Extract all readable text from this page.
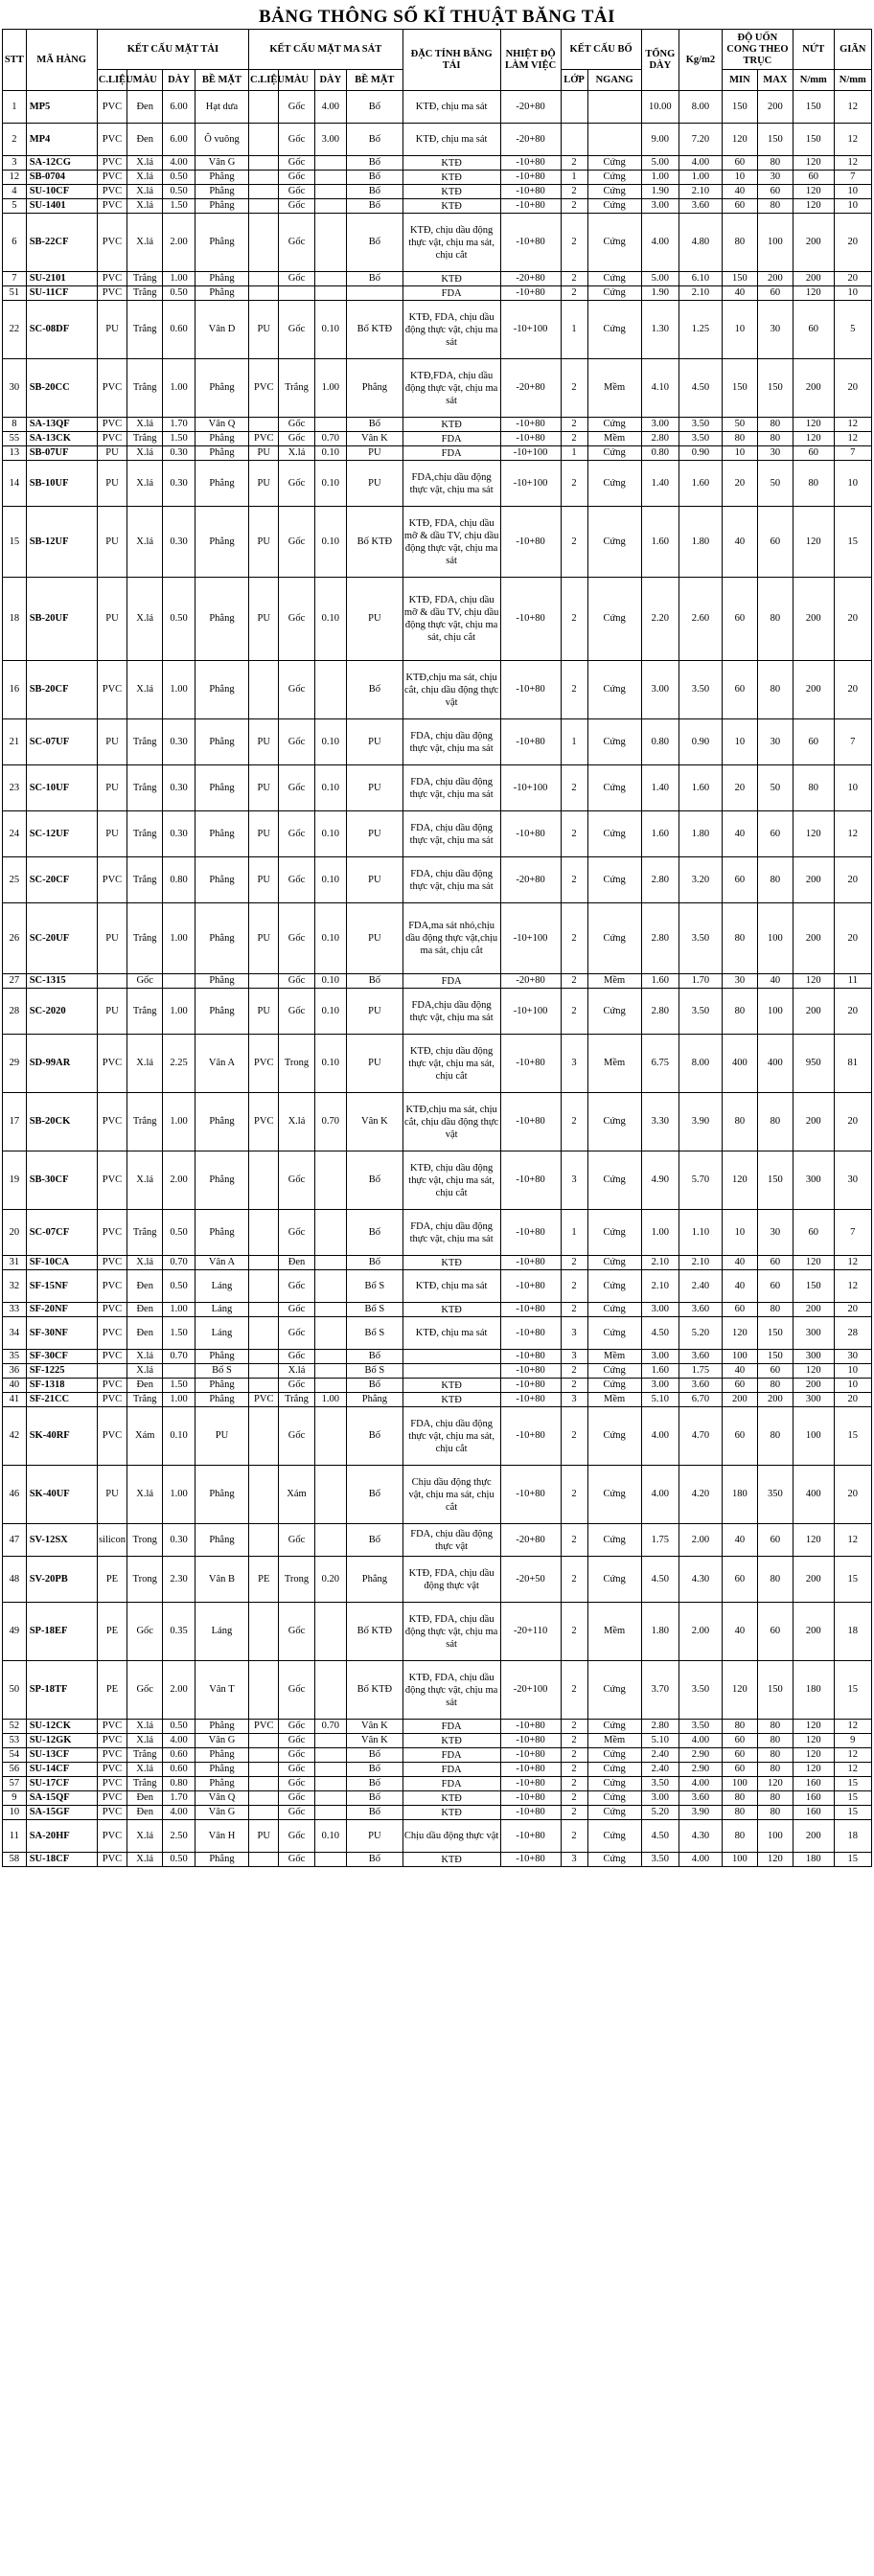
BẢNG THÔNG SỐ KĨ THUẬT BĂNG TẢI
STT	MÃ HÀNG	KẾT CẤU MẶT TẢI				KẾT CẤU MẶT MA SÁT				ĐẶC TÍNH BĂNG TẢI	NHIỆT ĐỘ LÀM VIỆC	KẾT CẤU BỐ		TỔNG DÀY	Kg/m2	ĐỘ UỐN CONG THEO TRỤC		NỨT	GIÃN
		C.LIỆU	MÀU	DÀY	BỀ MẶT	C.LIỆU	MÀU	DÀY	BỀ MẶT			LỚP	NGANG			MIN	MAX	N/mm	N/mm
1	MP5	PVC	Đen	6.00	Hạt dưa		Gốc	4.00	Bố	KTĐ, chịu ma sát	-20+80			10.00	8.00	150	200	150	12
2	MP4	PVC	Đen	6.00	Ô vuông		Gốc	3.00	Bố	KTĐ, chịu ma sát	-20+80			9.00	7.20	120	150	150	12
3	SA-12CG	PVC	X.lá	4.00	Vân G		Gốc		Bố	KTĐ	-10+80	2	Cứng	5.00	4.00	60	80	120	12
12	SB-0704	PVC	X.lá	0.50	Phẳng		Gốc		Bố	KTĐ	-10+80	1	Cứng	1.00	1.00	10	30	60	7
4	SU-10CF	PVC	X.lá	0.50	Phẳng		Gốc		Bố	KTĐ	-10+80	2	Cứng	1.90	2.10	40	60	120	10
5	SU-1401	PVC	X.lá	1.50	Phẳng		Gốc		Bố	KTĐ	-10+80	2	Cứng	3.00	3.60	60	80	120	10
6	SB-22CF	PVC	X.lá	2.00	Phẳng		Gốc		Bố	KTĐ, chịu dầu động thực vật, chịu ma sát, chịu cắt	-10+80	2	Cứng	4.00	4.80	80	100	200	20
7	SU-2101	PVC	Trắng	1.00	Phẳng		Gốc		Bố	KTĐ	-20+80	2	Cứng	5.00	6.10	150	200	200	20
51	SU-11CF	PVC	Trắng	0.50	Phẳng					FDA	-10+80	2	Cứng	1.90	2.10	40	60	120	10
22	SC-08DF	PU	Trắng	0.60	Vân D	PU	Gốc	0.10	Bố KTĐ	KTĐ, FDA, chịu dầu động thực vật, chịu ma sát	-10+100	1	Cứng	1.30	1.25	10	30	60	5
30	SB-20CC	PVC	Trắng	1.00	Phẳng	PVC	Trắng	1.00	Phẳng	KTĐ,FDA, chịu dầu động thực vật, chịu ma sát	-20+80	2	Mềm	4.10	4.50	150	150	200	20
8	SA-13QF	PVC	X.lá	1.70	Vân Q		Gốc		Bố	KTĐ	-10+80	2	Cứng	3.00	3.50	50	80	120	12
55	SA-13CK	PVC	Trắng	1.50	Phẳng	PVC	Gốc	0.70	Vân K	FDA	-10+80	2	Mềm	2.80	3.50	80	80	120	12
13	SB-07UF	PU	X.lá	0.30	Phẳng	PU	X.lá	0.10	PU	FDA	-10+100	1	Cứng	0.80	0.90	10	30	60	7
14	SB-10UF	PU	X.lá	0.30	Phẳng	PU	Gốc	0.10	PU	FDA,chịu dầu động thực vật, chịu ma sát	-10+100	2	Cứng	1.40	1.60	20	50	80	10
15	SB-12UF	PU	X.lá	0.30	Phẳng	PU	Gốc	0.10	Bố KTĐ	KTĐ, FDA, chịu dầu mỡ & dầu TV, chịu dầu động thực vật, chịu ma sát	-10+80	2	Cứng	1.60	1.80	40	60	120	15
18	SB-20UF	PU	X.lá	0.50	Phẳng	PU	Gốc	0.10	PU	KTĐ, FDA, chịu dầu mỡ & dầu TV, chịu dầu động thực vật, chịu ma sát, chịu cắt	-10+80	2	Cứng	2.20	2.60	60	80	200	20
16	SB-20CF	PVC	X.lá	1.00	Phẳng		Gốc		Bố	KTĐ,chịu ma sát, chịu cắt, chịu dầu động thực vật	-10+80	2	Cứng	3.00	3.50	60	80	200	20
21	SC-07UF	PU	Trắng	0.30	Phẳng	PU	Gốc	0.10	PU	FDA, chịu dầu động thực vật, chịu ma sát	-10+80	1	Cứng	0.80	0.90	10	30	60	7
23	SC-10UF	PU	Trắng	0.30	Phẳng	PU	Gốc	0.10	PU	FDA, chịu dầu động thực vật, chịu ma sát	-10+100	2	Cứng	1.40	1.60	20	50	80	10
24	SC-12UF	PU	Trắng	0.30	Phẳng	PU	Gốc	0.10	PU	FDA, chịu dầu động thực vật, chịu ma sát	-10+80	2	Cứng	1.60	1.80	40	60	120	12
25	SC-20CF	PVC	Trắng	0.80	Phẳng	PU	Gốc	0.10	PU	FDA, chịu dầu động thực vật, chịu ma sát	-20+80	2	Cứng	2.80	3.20	60	80	200	20
26	SC-20UF	PU	Trắng	1.00	Phẳng	PU	Gốc	0.10	PU	FDA,ma sát nhỏ,chịu dầu động thực vật,chịu ma sát, chịu cắt	-10+100	2	Cứng	2.80	3.50	80	100	200	20
27	SC-1315		Gốc		Phẳng		Gốc	0.10	Bố	FDA	-20+80	2	Mềm	1.60	1.70	30	40	120	11
28	SC-2020	PU	Trắng	1.00	Phẳng	PU	Gốc	0.10	PU	FDA,chịu dầu động thực vật, chịu ma sát	-10+100	2	Cứng	2.80	3.50	80	100	200	20
29	SD-99AR	PVC	X.lá	2.25	Vân A	PVC	Trong	0.10	PU	KTĐ, chịu dầu động thực vật, chịu ma sát, chịu cắt	-10+80	3	Mềm	6.75	8.00	400	400	950	81
17	SB-20CK	PVC	Trắng	1.00	Phẳng	PVC	X.lá	0.70	Vân K	KTĐ,chịu ma sát, chịu cắt, chịu dầu động thực vật	-10+80	2	Cứng	3.30	3.90	80	80	200	20
19	SB-30CF	PVC	X.lá	2.00	Phẳng		Gốc		Bố	KTĐ, chịu dầu động thực vật, chịu ma sát, chịu cắt	-10+80	3	Cứng	4.90	5.70	120	150	300	30
20	SC-07CF	PVC	Trắng	0.50	Phẳng		Gốc		Bố	FDA, chịu dầu động thực vật, chịu ma sát	-10+80	1	Cứng	1.00	1.10	10	30	60	7
31	SF-10CA	PVC	X.lá	0.70	Vân A		Đen		Bố	KTĐ	-10+80	2	Cứng	2.10	2.10	40	60	120	12
32	SF-15NF	PVC	Đen	0.50	Láng		Gốc		Bố S	KTĐ, chịu ma sát	-10+80	2	Cứng	2.10	2.40	40	60	150	12
33	SF-20NF	PVC	Đen	1.00	Láng		Gốc		Bố S	KTĐ	-10+80	2	Cứng	3.00	3.60	60	80	200	20
34	SF-30NF	PVC	Đen	1.50	Láng		Gốc		Bố S	KTĐ, chịu ma sát	-10+80	3	Cứng	4.50	5.20	120	150	300	28
35	SF-30CF	PVC	X.lá	0.70	Phẳng		Gốc		Bố		-10+80	3	Mềm	3.00	3.60	100	150	300	30
36	SF-1225		X.lá		Bố S		X.lá		Bố S		-10+80	2	Cứng	1.60	1.75	40	60	120	10
40	SF-1318	PVC	Đen	1.50	Phẳng		Gốc		Bố	KTĐ	-10+80	2	Cứng	3.00	3.60	60	80	200	10
41	SF-21CC	PVC	Trắng	1.00	Phẳng	PVC	Trắng	1.00	Phẳng	KTĐ	-10+80	3	Mềm	5.10	6.70	200	200	300	20
42	SK-40RF	PVC	Xám	0.10	PU		Gốc		Bố	FDA, chịu dầu động thực vật, chịu ma sát, chịu cắt	-10+80	2	Cứng	4.00	4.70	60	80	100	15
46	SK-40UF	PU	X.lá	1.00	Phẳng		Xám		Bố	Chịu dầu động thực vật, chịu ma sát, chịu cắt	-10+80	2	Cứng	4.00	4.20	180	350	400	20
47	SV-12SX	silicon	Trong	0.30	Phẳng		Gốc		Bố	FDA, chịu dầu động thực vật	-20+80	2	Cứng	1.75	2.00	40	60	120	12
48	SV-20PB	PE	Trong	2.30	Vân B	PE	Trong	0.20	Phẳng	KTĐ, FDA, chịu dầu động thực vật	-20+50	2	Cứng	4.50	4.30	60	80	200	15
49	SP-18EF	PE	Gốc	0.35	Láng		Gốc		Bố KTĐ	KTĐ, FDA, chịu dầu động thực vật, chịu ma sát	-20+110	2	Mềm	1.80	2.00	40	60	200	18
50	SP-18TF	PE	Gốc	2.00	Vân T		Gốc		Bố KTĐ	KTĐ, FDA, chịu dầu động thực vật, chịu ma sát	-20+100	2	Cứng	3.70	3.50	120	150	180	15
52	SU-12CK	PVC	X.lá	0.50	Phẳng	PVC	Gốc	0.70	Vân K	FDA	-10+80	2	Cứng	2.80	3.50	80	80	120	12
53	SU-12GK	PVC	X.lá	4.00	Vân G		Gốc		Vân K	KTĐ	-10+80	2	Mềm	5.10	4.00	60	80	120	9
54	SU-13CF	PVC	Trắng	0.60	Phẳng		Gốc		Bố	FDA	-10+80	2	Cứng	2.40	2.90	60	80	120	12
56	SU-14CF	PVC	X.lá	0.60	Phẳng		Gốc		Bố	FDA	-10+80	2	Cứng	2.40	2.90	60	80	120	12
57	SU-17CF	PVC	Trắng	0.80	Phẳng		Gốc		Bố	FDA	-10+80	2	Cứng	3.50	4.00	100	120	160	15
9	SA-15QF	PVC	Đen	1.70	Vân Q		Gốc		Bố	KTĐ	-10+80	2	Cứng	3.00	3.60	80	80	160	15
10	SA-15GF	PVC	Đen	4.00	Vân G		Gốc		Bố	KTĐ	-10+80	2	Cứng	5.20	3.90	80	80	160	15
11	SA-20HF	PVC	X.lá	2.50	Vân H	PU	Gốc	0.10	PU	Chịu dầu động thực vật	-10+80	2	Cứng	4.50	4.30	80	100	200	18
58	SU-18CF	PVC	X.lá	0.50	Phẳng		Gốc		Bố	KTĐ	-10+80	3	Cứng	3.50	4.00	100	120	180	15
